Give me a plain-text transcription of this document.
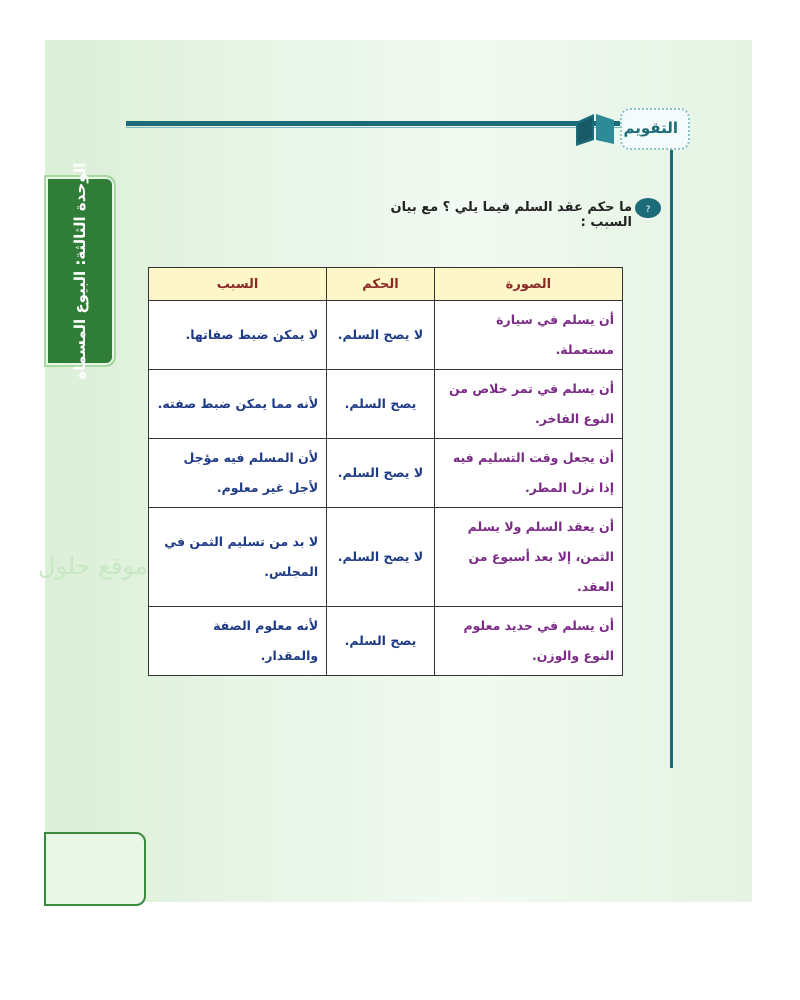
التقويم
الوحدة الثالثة: البيوع المسماة	?
ما حكم عقد السلم فيما يلي ؟ مع بيان السبب :
موقع حلول
الصورة	الحكم	السبب
أن يسلم في سيارة مستعملة.	لا يصح السلم.	لا يمكن ضبط صفاتها.
أن يسلم في تمر خلاص من النوع الفاخر.	يصح السلم.	لأنه مما يمكن ضبط صفته.
أن يجعل وقت التسليم فيه إذا نزل المطر.	لا يصح السلم.	لأن المسلم فيه مؤجل لأجل غير معلوم.
أن يعقد السلم ولا يسلم الثمن، إلا بعد أسبوع من العقد.	لا يصح السلم.	لا بد من تسليم الثمن في المجلس.
أن يسلم في حديد معلوم النوع والوزن.	يصح السلم.	لأنه معلوم الصفة والمقدار.
